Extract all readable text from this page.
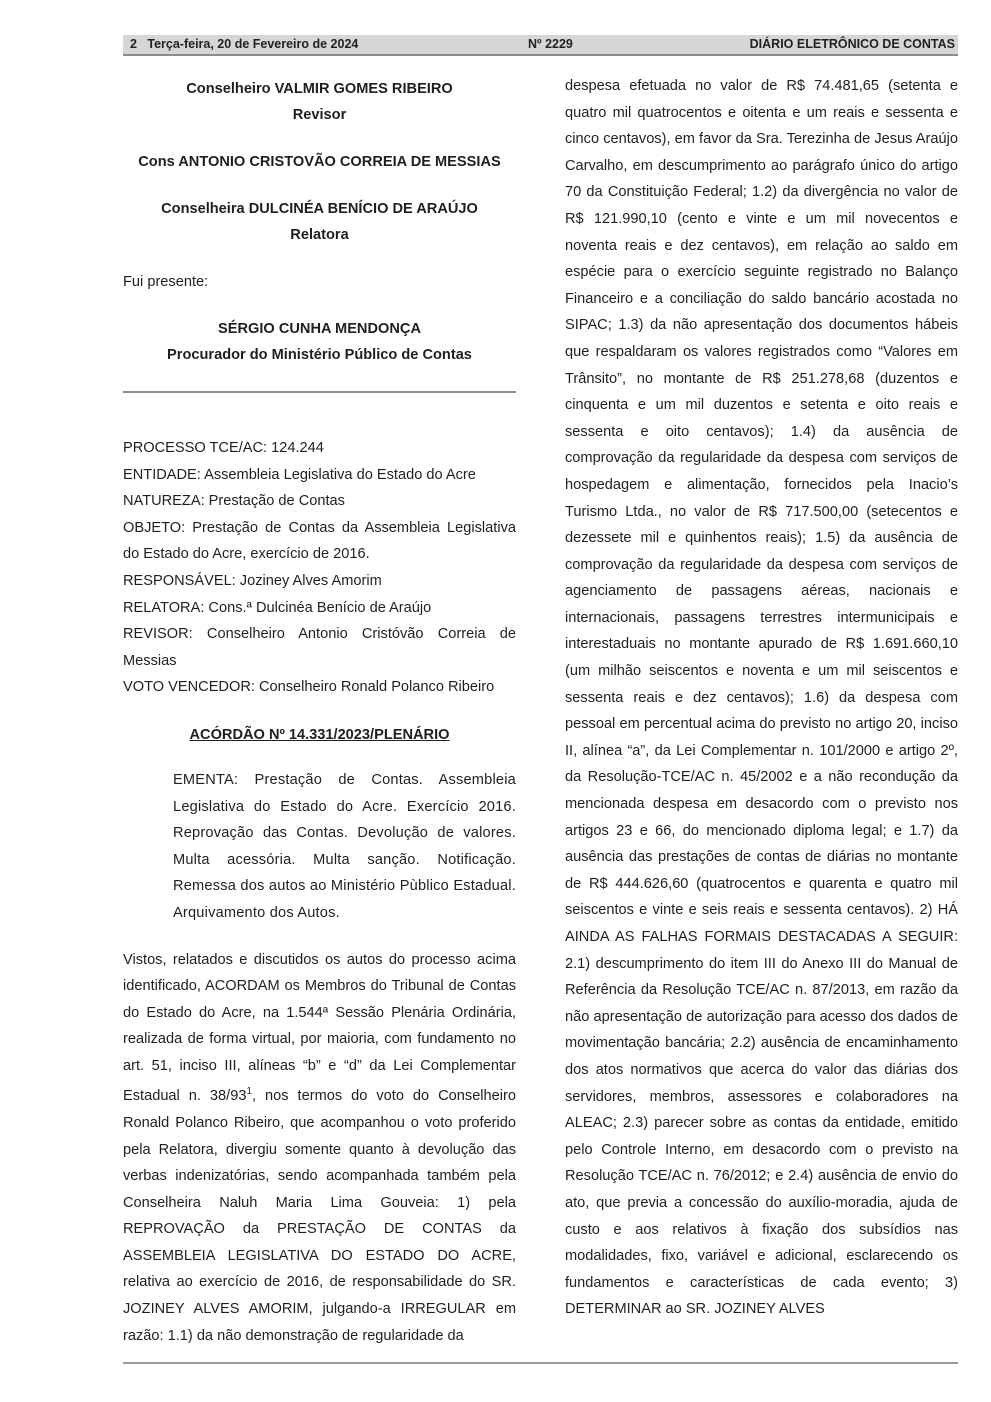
2   Terça-feira, 20 de Fevereiro de 2024	Nº 2229	DIÁRIO ELETRÔNICO DE CONTAS
Conselheiro VALMIR GOMES RIBEIRO
Revisor
Cons ANTONIO CRISTOVÃO CORREIA DE MESSIAS
Conselheira DULCINÉA BENÍCIO DE ARAÚJO
Relatora
Fui presente:
SÉRGIO CUNHA MENDONÇA
Procurador do Ministério Público de Contas

PROCESSO TCE/AC: 124.244

ENTIDADE: Assembleia Legislativa do Estado do Acre

NATUREZA: Prestação de Contas

OBJETO: Prestação de Contas da Assembleia Legislativa do Estado do Acre, exercício de 2016.

RESPONSÁVEL: Joziney Alves Amorim

RELATORA: Cons.ª Dulcinéa Benício de Araújo

REVISOR: Conselheiro Antonio Cristóvão Correia de Messias

VOTO VENCEDOR: Conselheiro Ronald Polanco Ribeiro

ACÓRDÃO Nº 14.331/2023/PLENÁRIO
EMENTA: Prestação de Contas. Assembleia Legislativa do Estado do Acre. Exercício 2016. Reprovação das Contas. Devolução de valores. Multa acessória. Multa sanção. Notificação. Remessa dos autos ao Ministério Pùblico Estadual. Arquivamento dos Autos.

Vistos, relatados e discutidos os autos do processo acima identificado, ACORDAM os Membros do Tribunal de Contas do Estado do Acre, na 1.544ª Sessão Plenária Ordinária, realizada de forma virtual, por maioria, com fundamento no art. 51, inciso III, alíneas “b” e “d” da Lei Complementar Estadual n. $38/93^1$, nos termos do voto do Conselheiro Ronald Polanco Ribeiro, que acompanhou o voto proferido pela Relatora, divergiu somente quanto à devolução das verbas indenizatórias, sendo acompanhada também pela Conselheira Naluh Maria Lima Gouveia: 1) pela REPROVAÇÃO da PRESTAÇÃO DE CONTAS da ASSEMBLEIA LEGISLATIVA DO ESTADO DO ACRE, relativa ao exercício de 2016, de responsabilidade do SR. JOZINEY ALVES AMORIM, julgando-a IRREGULAR em razão: 1.1) da não demonstração de regularidade da

despesa efetuada no valor de R$ 74.481,65 (setenta e quatro mil quatrocentos e oitenta e um reais e sessenta e cinco centavos), em favor da Sra. Terezinha de Jesus Araújo Carvalho, em descumprimento ao parágrafo único do artigo 70 da Constituição Federal; 1.2) da divergência no valor de R$ 121.990,10 (cento e vinte e um mil novecentos e noventa reais e dez centavos), em relação ao saldo em espécie para o exercício seguinte registrado no Balanço Financeiro e a conciliação do saldo bancário acostada no SIPAC; 1.3) da não apresentação dos documentos hábeis que respaldaram os valores registrados como “Valores em Trânsito”, no montante de R$ 251.278,68 (duzentos e cinquenta e um mil duzentos e setenta e oito reais e sessenta e oito centavos); 1.4) da ausência de comprovação da regularidade da despesa com serviços de hospedagem e alimentação, fornecidos pela Inacio’s Turismo Ltda., no valor de R$ 717.500,00 (setecentos e dezessete mil e quinhentos reais); 1.5) da ausência de comprovação da regularidade da despesa com serviços de agenciamento de passagens aéreas, nacionais e internacionais, passagens terrestres intermunicipais e interestaduais no montante apurado de R$ 1.691.660,10 (um milhão seiscentos e noventa e um mil seiscentos e sessenta reais e dez centavos); 1.6) da despesa com pessoal em percentual acima do previsto no artigo 20, inciso II, alínea “a”, da Lei Complementar n. 101/2000 e artigo 2º, da Resolução-TCE/AC n. 45/2002 e a não recondução da mencionada despesa em desacordo com o previsto nos artigos 23 e 66, do mencionado diploma legal; e 1.7) da ausência das prestações de contas de diárias no montante de R$ 444.626,60 (quatrocentos e quarenta e quatro mil seiscentos e vinte e seis reais e sessenta centavos). 2) HÁ AINDA AS FALHAS FORMAIS DESTACADAS A SEGUIR: 2.1) descumprimento do item III do Anexo III do Manual de Referência da Resolução TCE/AC n. 87/2013, em razão da não apresentação de autorização para acesso dos dados de movimentação bancária; 2.2) ausência de encaminhamento dos atos normativos que acerca do valor das diárias dos servidores, membros, assessores e colaboradores na ALEAC; 2.3) parecer sobre as contas da entidade, emitido pelo Controle Interno, em desacordo com o previsto na Resolução TCE/AC n. 76/2012; e 2.4) ausência de envio do ato, que previa a concessão do auxílio-moradia, ajuda de custo e aos relativos à fixação dos subsídios nas modalidades, fixo, variável e adicional, esclarecendo os fundamentos e características de cada evento; 3) DETERMINAR ao SR. JOZINEY ALVES
